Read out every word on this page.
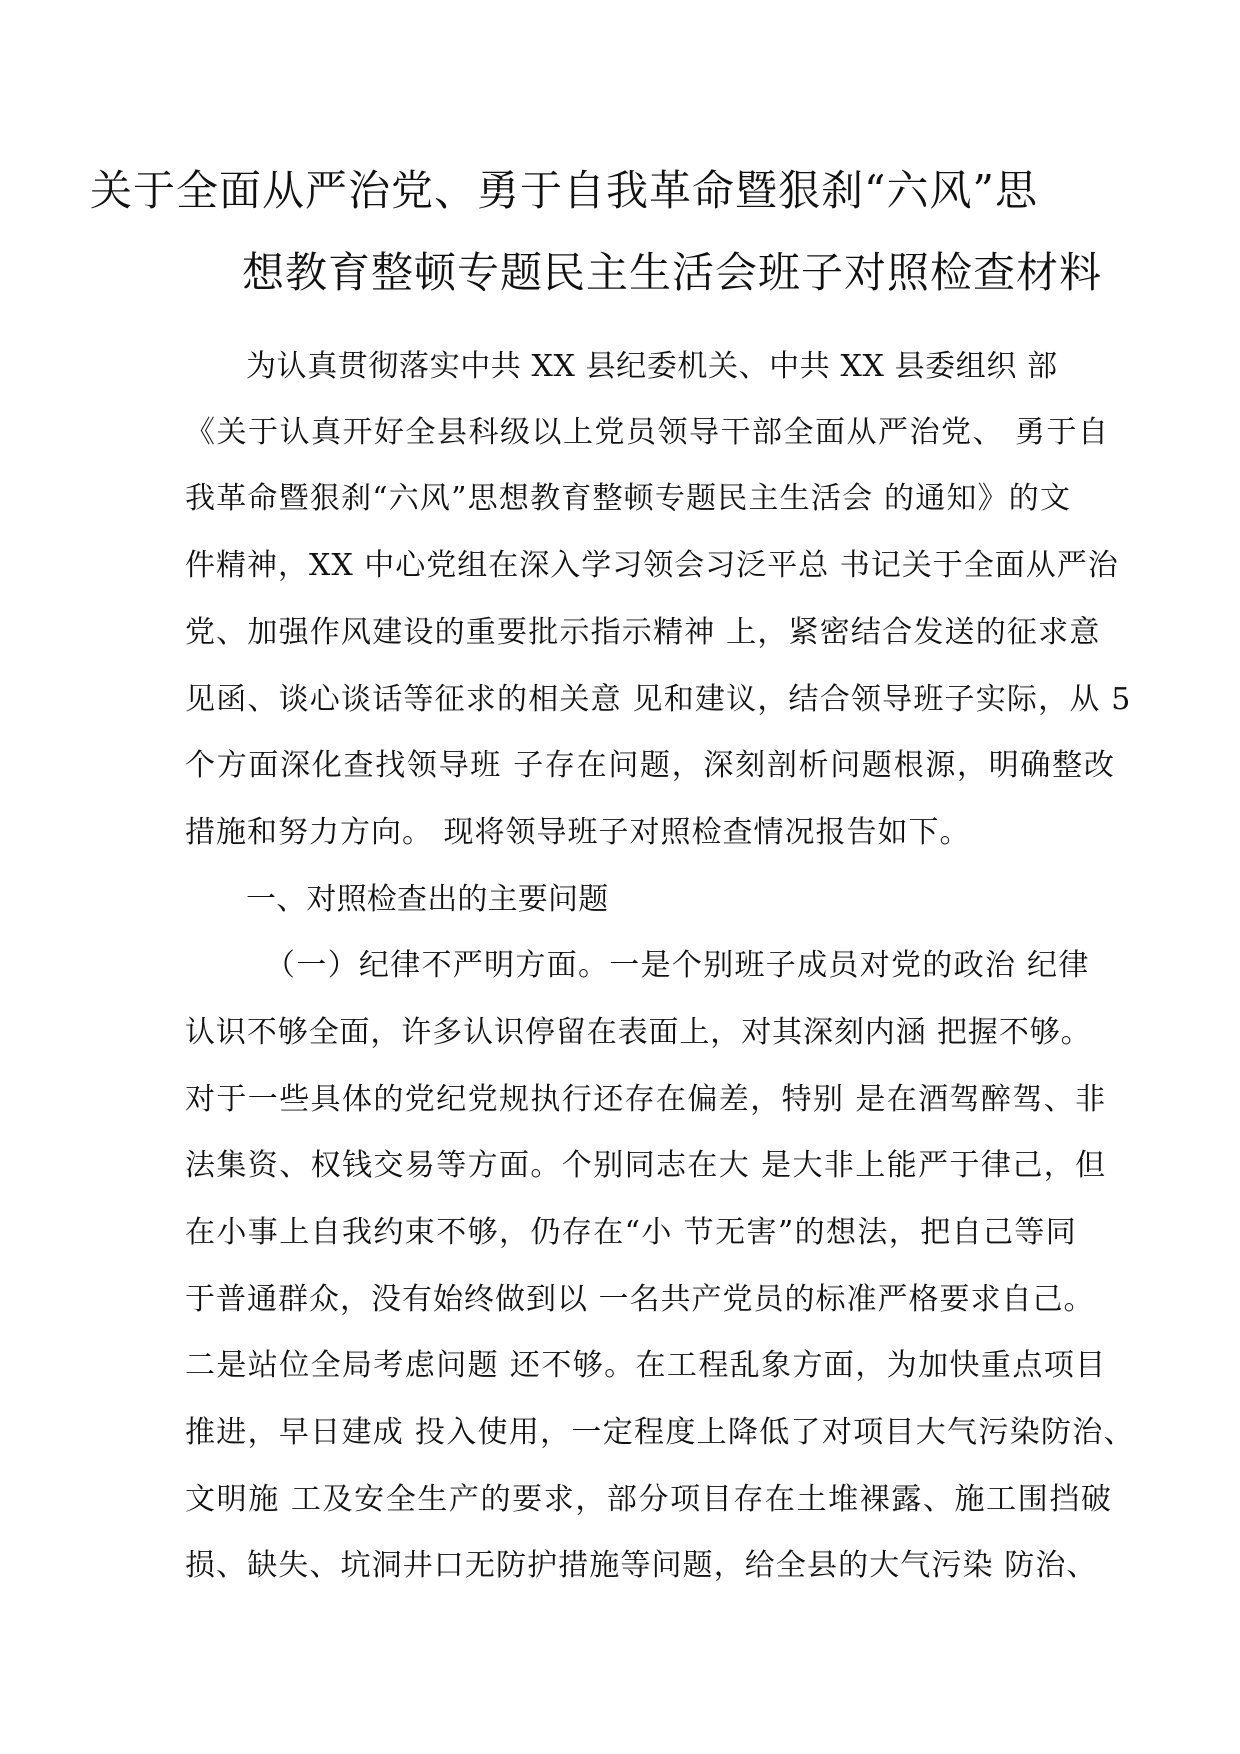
关于全面从严治党、勇于自我革命暨狠刹“六风”思
想教育整顿专题民主生活会班子对照检查材料

为认真贯彻落实中共 XX 县纪委机关、中共 XX 县委组织 部

《关于认真开好全县科级以上党员领导干部全面从严治党、 勇于自

我革命暨狠刹“六风”思想教育整顿专题民主生活会 的通知》的文

件精神，XX 中心党组在深入学习领会习泛平总 书记关于全面从严治

党、加强作风建设的重要批示指示精神 上，紧密结合发送的征求意

见函、谈心谈话等征求的相关意 见和建议，结合领导班子实际，从 5

个方面深化查找领导班 子存在问题，深刻剖析问题根源，明确整改

措施和努力方向。 现将领导班子对照检查情况报告如下。

一、对照检查出的主要问题

（一）纪律不严明方面。一是个别班子成员对党的政治 纪律

认识不够全面，许多认识停留在表面上，对其深刻内涵 把握不够。

对于一些具体的党纪党规执行还存在偏差，特别 是在酒驾醉驾、非

法集资、权钱交易等方面。个别同志在大 是大非上能严于律己，但

在小事上自我约束不够，仍存在“小 节无害”的想法，把自己等同

于普通群众，没有始终做到以 一名共产党员的标准严格要求自己。

二是站位全局考虑问题 还不够。在工程乱象方面，为加快重点项目

推进，早日建成 投入使用，一定程度上降低了对项目大气污染防治、

文明施 工及安全生产的要求，部分项目存在土堆裸露、施工围挡破

损、缺失、坑洞井口无防护措施等问题，给全县的大气污染 防治、
